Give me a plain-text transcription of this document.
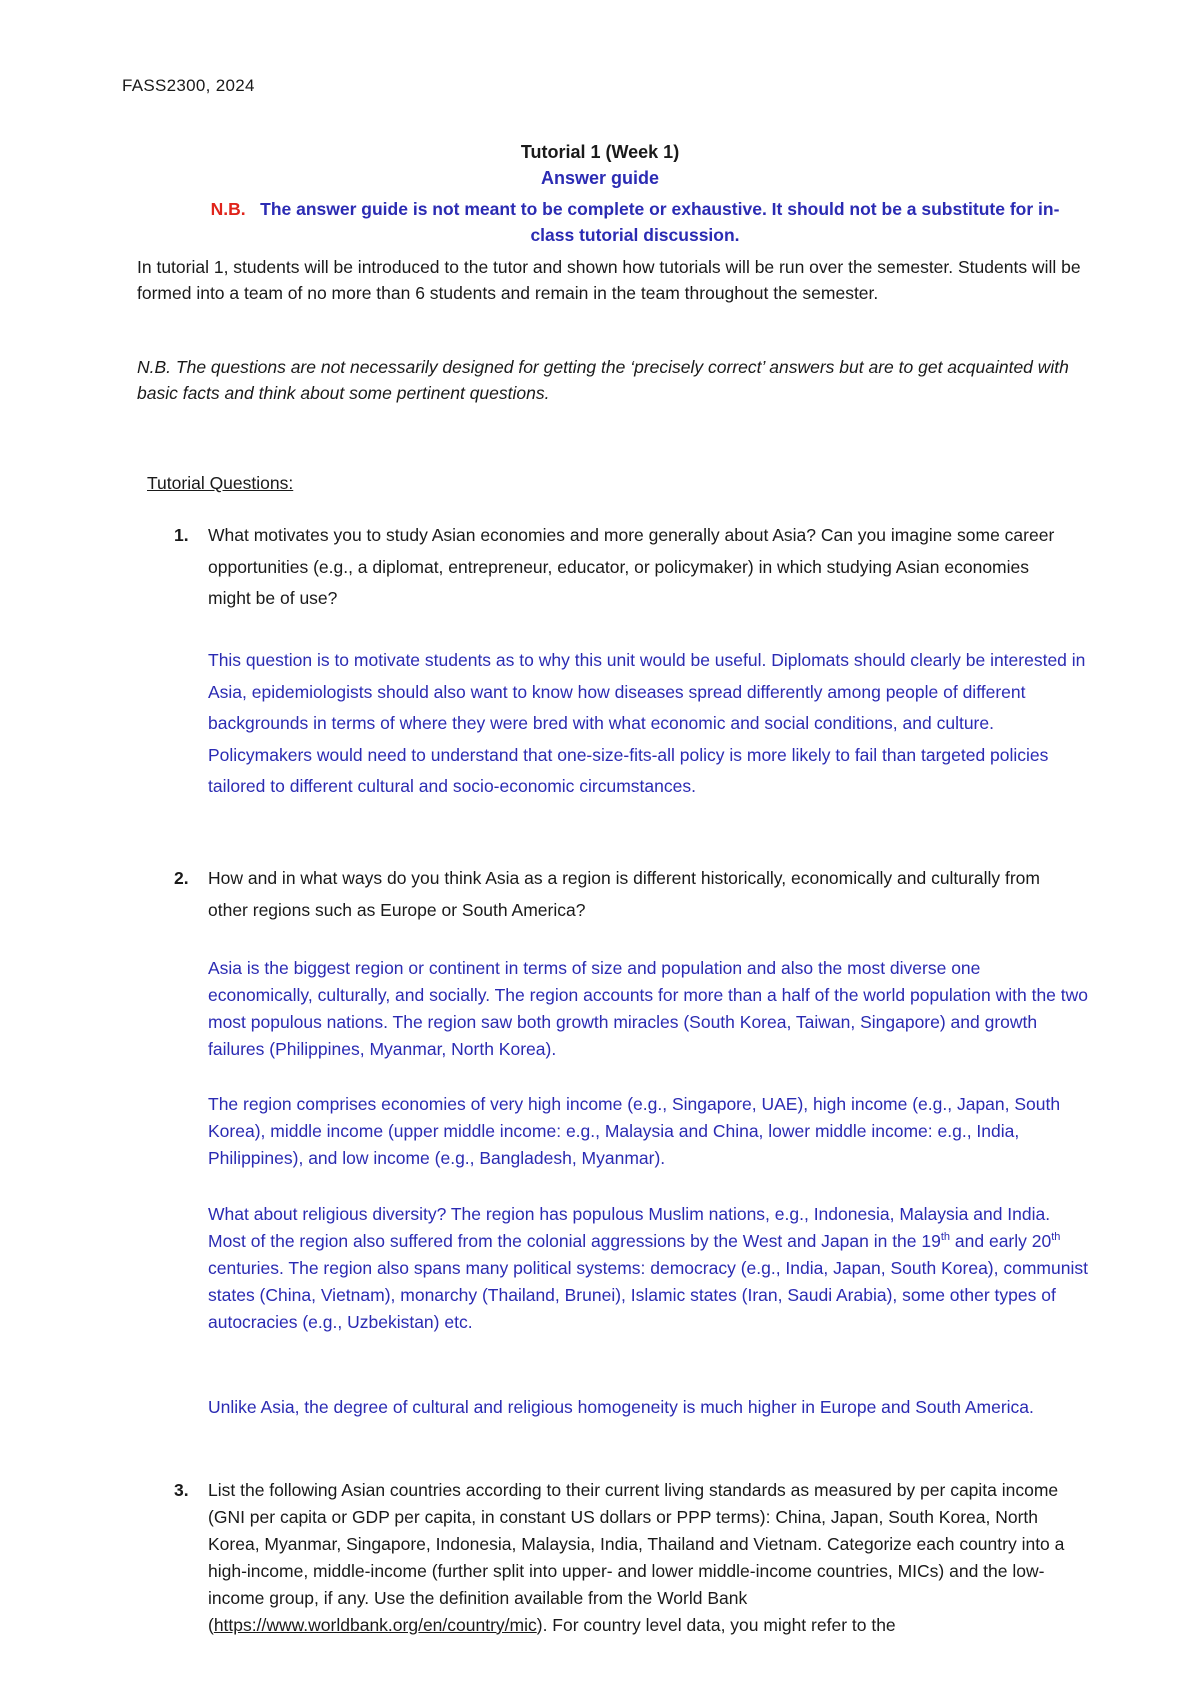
FASS2300, 2024
Tutorial 1 (Week 1)
Answer guide
N.B. The answer guide is not meant to be complete or exhaustive. It should not be a substitute for in-class tutorial discussion.
In tutorial 1, students will be introduced to the tutor and shown how tutorials will be run over the semester. Students will be formed into a team of no more than 6 students and remain in the team throughout the semester.
N.B. The questions are not necessarily designed for getting the ‘precisely correct’ answers but are to get acquainted with basic facts and think about some pertinent questions.
Tutorial Questions:
1. What motivates you to study Asian economies and more generally about Asia? Can you imagine some career opportunities (e.g., a diplomat, entrepreneur, educator, or policymaker) in which studying Asian economies might be of use?
This question is to motivate students as to why this unit would be useful. Diplomats should clearly be interested in Asia, epidemiologists should also want to know how diseases spread differently among people of different backgrounds in terms of where they were bred with what economic and social conditions, and culture. Policymakers would need to understand that one-size-fits-all policy is more likely to fail than targeted policies tailored to different cultural and socio-economic circumstances.
2. How and in what ways do you think Asia as a region is different historically, economically and culturally from other regions such as Europe or South America?
Asia is the biggest region or continent in terms of size and population and also the most diverse one economically, culturally, and socially. The region accounts for more than a half of the world population with the two most populous nations. The region saw both growth miracles (South Korea, Taiwan, Singapore) and growth failures (Philippines, Myanmar, North Korea).
The region comprises economies of very high income (e.g., Singapore, UAE), high income (e.g., Japan, South Korea), middle income (upper middle income: e.g., Malaysia and China, lower middle income: e.g., India, Philippines), and low income (e.g., Bangladesh, Myanmar).
What about religious diversity? The region has populous Muslim nations, e.g., Indonesia, Malaysia and India. Most of the region also suffered from the colonial aggressions by the West and Japan in the 19th and early 20th centuries. The region also spans many political systems: democracy (e.g., India, Japan, South Korea), communist states (China, Vietnam), monarchy (Thailand, Brunei), Islamic states (Iran, Saudi Arabia), some other types of autocracies (e.g., Uzbekistan) etc.
Unlike Asia, the degree of cultural and religious homogeneity is much higher in Europe and South America.
3. List the following Asian countries according to their current living standards as measured by per capita income (GNI per capita or GDP per capita, in constant US dollars or PPP terms): China, Japan, South Korea, North Korea, Myanmar, Singapore, Indonesia, Malaysia, India, Thailand and Vietnam. Categorize each country into a high-income, middle-income (further split into upper- and lower middle-income countries, MICs) and the low-income group, if any. Use the definition available from the World Bank (https://www.worldbank.org/en/country/mic). For country level data, you might refer to the
